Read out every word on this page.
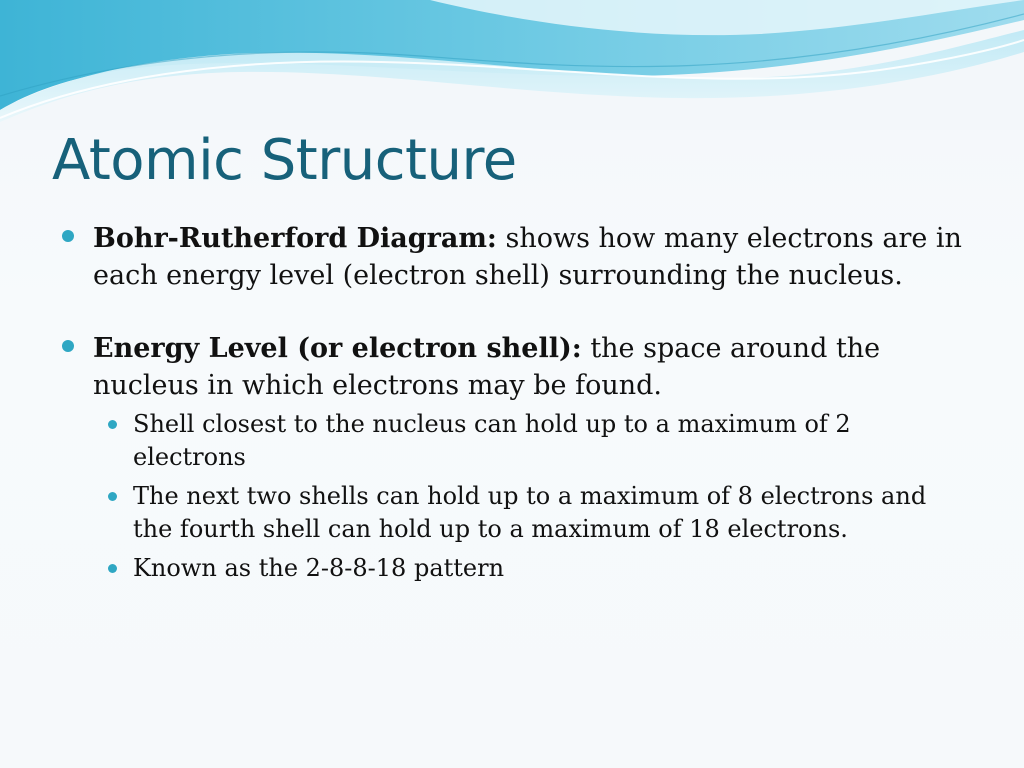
Atomic Structure

Bohr-Rutherford Diagram: shows how many electrons are in each energy level (electron shell) surrounding the nucleus.

Energy Level (or electron shell): the space around the nucleus in which electrons may be found.

Shell closest to the nucleus can hold up to a maximum of 2 electrons

The next two shells can hold up to a maximum of 8 electrons and the fourth shell can hold up to a maximum of 18 electrons.

Known as the 2-8-8-18 pattern
